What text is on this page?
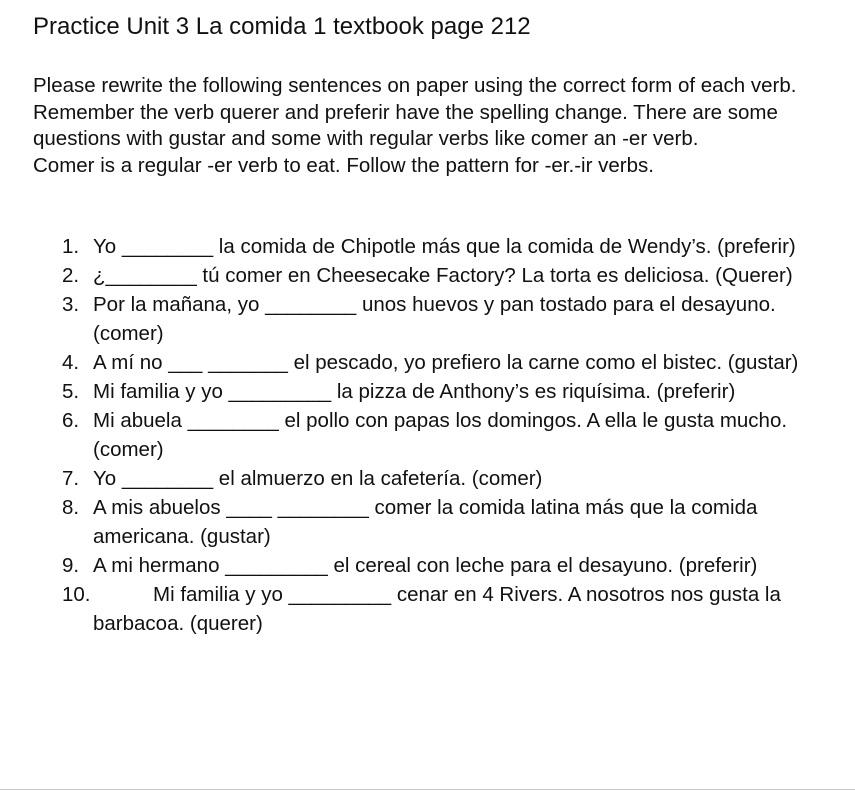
Practice Unit 3 La comida 1 textbook page 212

Please rewrite the following sentences on paper using the correct form of each verb. Remember the verb querer and preferir have the spelling change. There are some questions with gustar and some with regular verbs like comer an -er verb.

Comer is a regular -er verb to eat. Follow the pattern for -er.-ir verbs.

1. Yo ________ la comida de Chipotle más que la comida de Wendy’s. (preferir)
2. ¿________ tú comer en Cheesecake Factory? La torta es deliciosa. (Querer)
3. Por la mañana, yo ________ unos huevos y pan tostado para el desayuno. (comer)
4. A mí no ___ _______ el pescado, yo prefiero la carne como el bistec. (gustar)
5. Mi familia y yo _________ la pizza de Anthony’s es riquísima. (preferir)
6. Mi abuela ________ el pollo con papas los domingos. A ella le gusta mucho. (comer)
7. Yo ________ el almuerzo en la cafetería. (comer)
8. A mis abuelos ____ ________ comer la comida latina más que la comida americana. (gustar)
9. A mi hermano _________ el cereal con leche para el desayuno. (preferir)
10.	Mi familia y yo _________ cenar en 4 Rivers. A nosotros nos gusta la barbacoa. (querer)
